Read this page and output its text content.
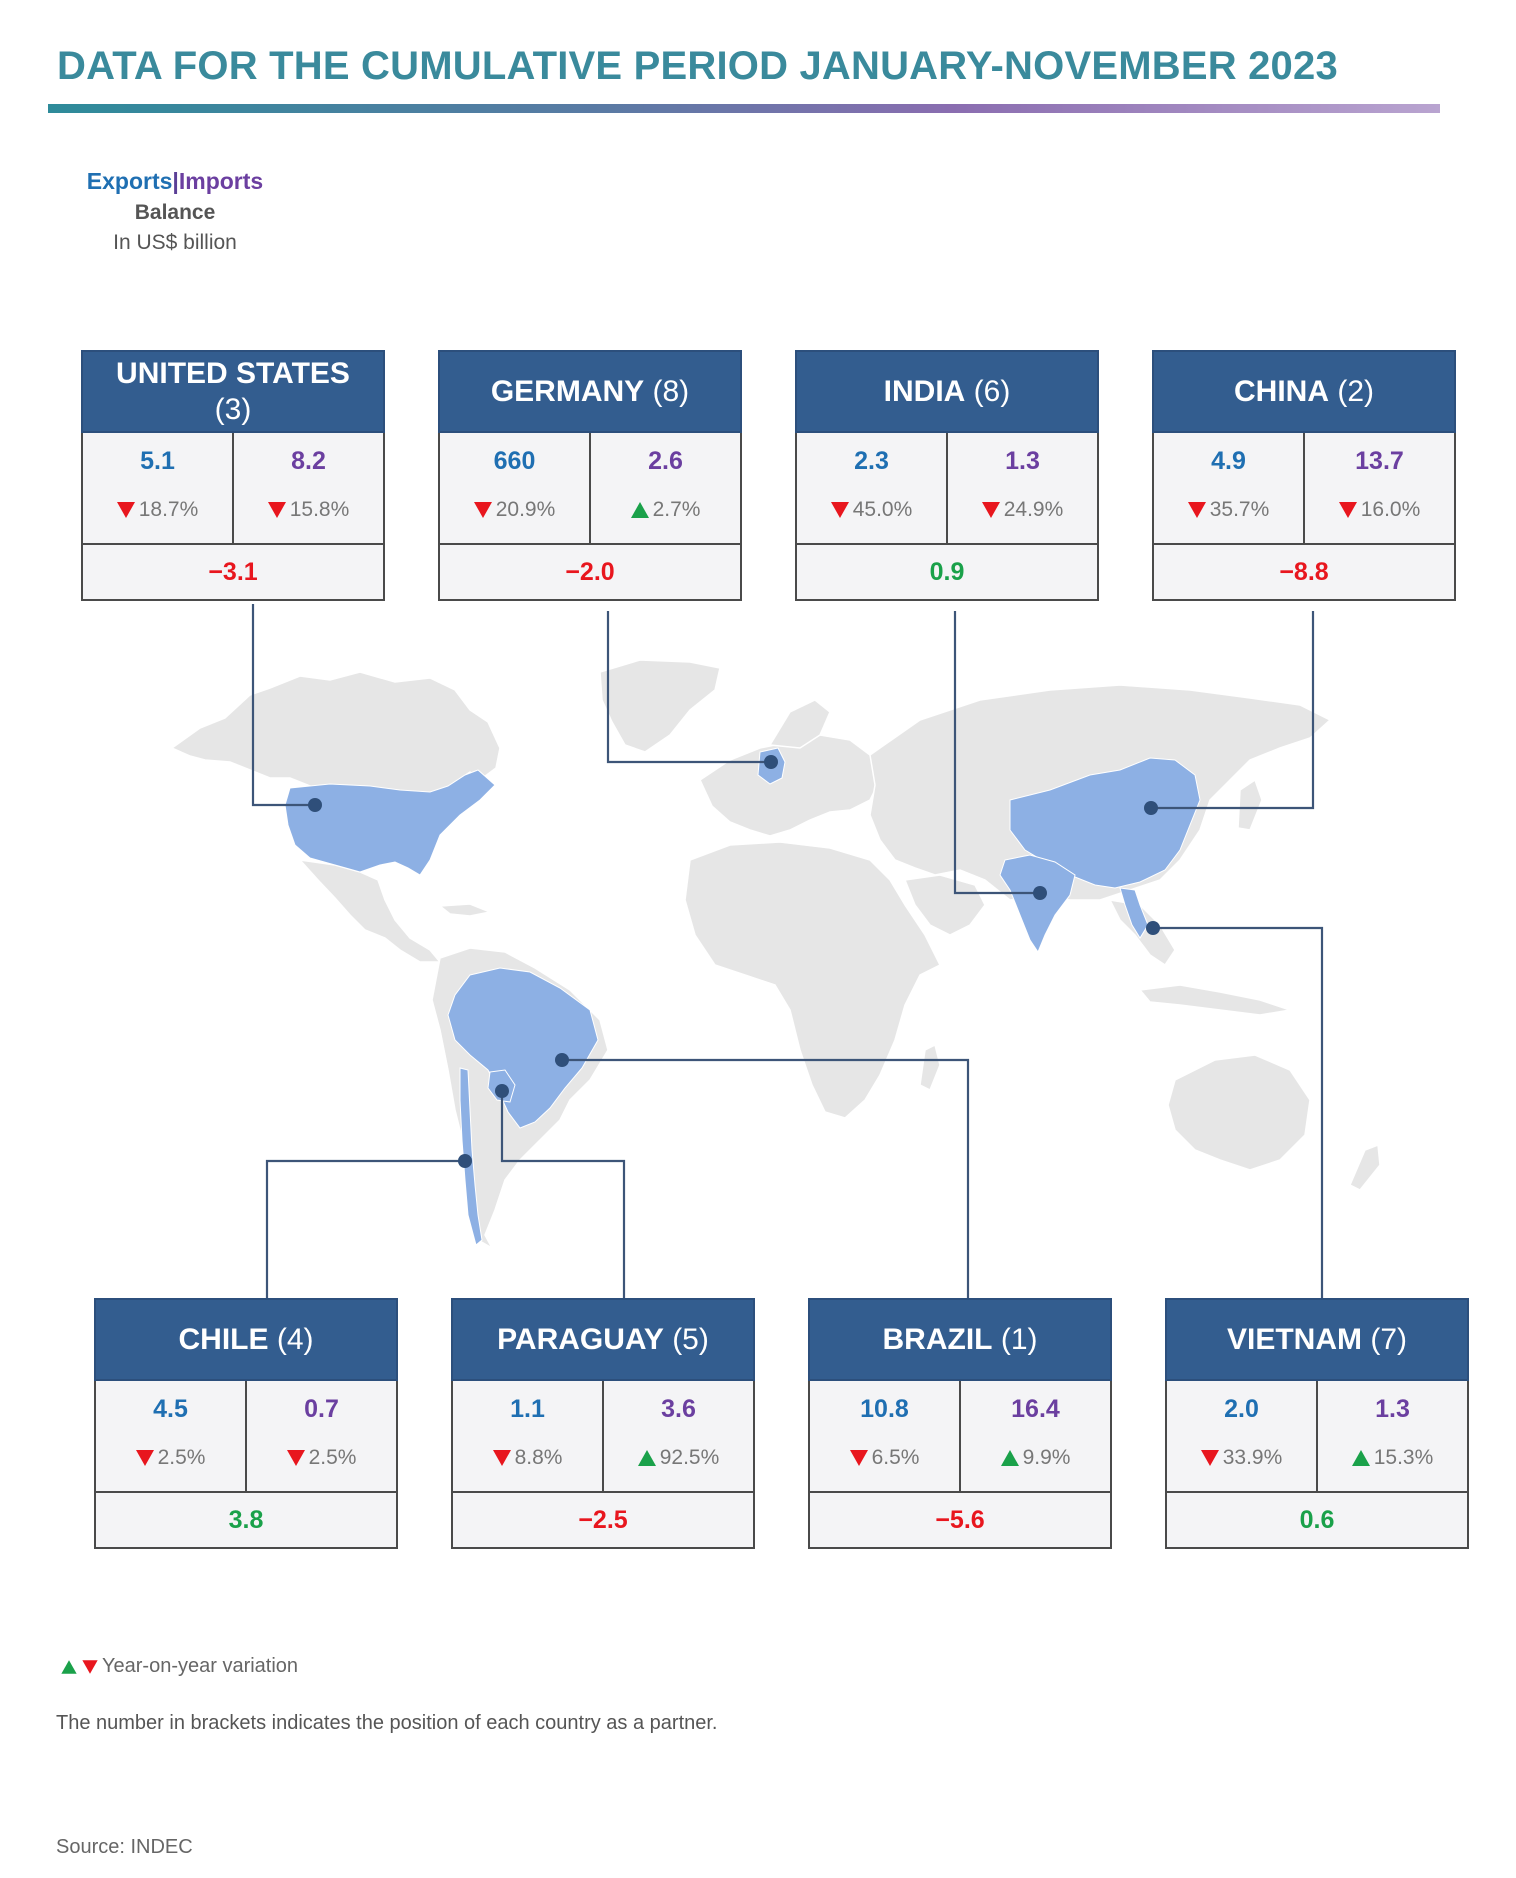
DATA FOR THE CUMULATIVE PERIOD JANUARY-NOVEMBER 2023
Exports|Imports
Balance
In US$ billion
UNITED STATES (3)
5.1
18.7%
8.2
15.8%
−3.1
GERMANY (8)
660
20.9%
2.6
2.7%
−2.0
INDIA (6)
2.3
45.0%
1.3
24.9%
0.9
CHINA (2)
4.9
35.7%
13.7
16.0%
−8.8
CHILE (4)
4.5
2.5%
0.7
2.5%
3.8
PARAGUAY (5)
1.1
8.8%
3.6
92.5%
−2.5
BRAZIL (1)
10.8
6.5%
16.4
9.9%
−5.6
VIETNAM (7)
2.0
33.9%
1.3
15.3%
0.6
Year-on-year variation
The number in brackets indicates the position of each country as a partner.
Source: INDEC
